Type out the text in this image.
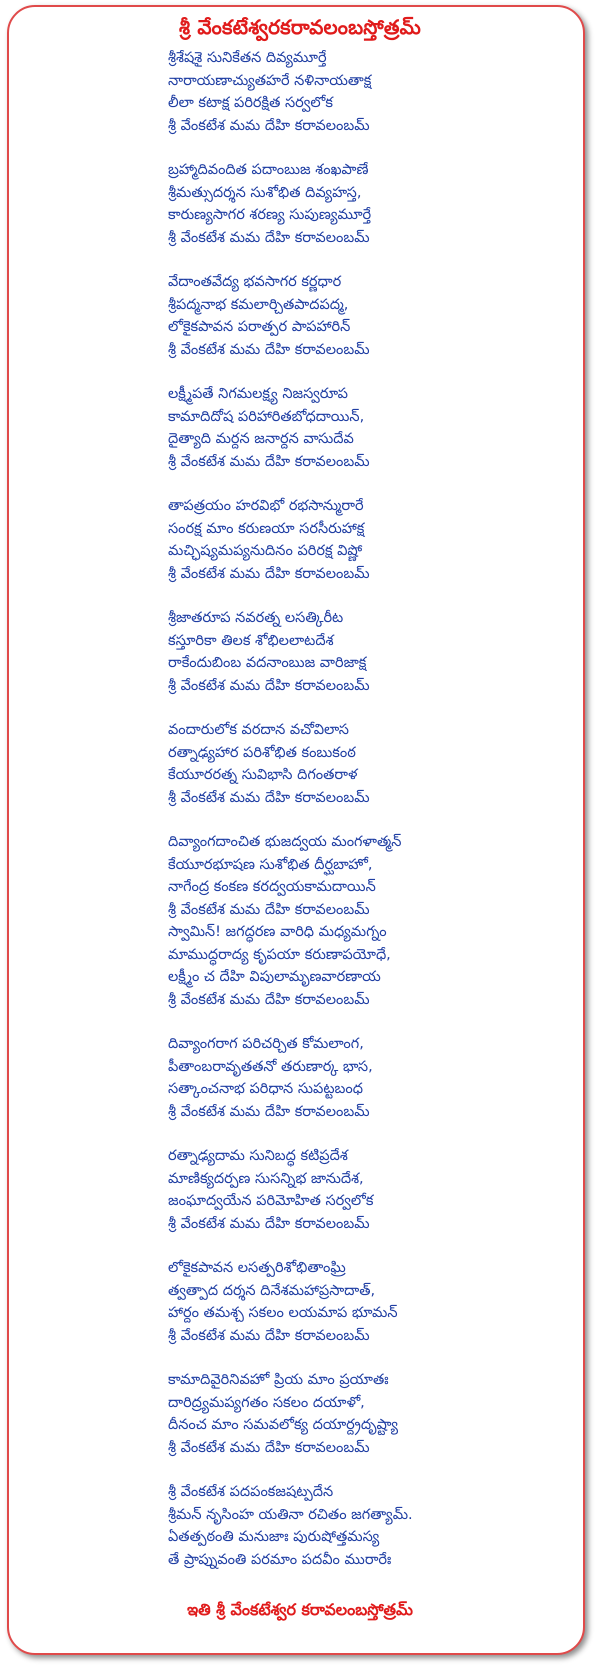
శ్రీ వేంకటేశ్వరకరావలంబస్తోత్రమ్
శ్రీశేషశై సునికేతన దివ్యమూర్తే
నారాయణాచ్యుతహరే నళినాయతాక్ష
లీలా కటాక్ష పరిరక్షిత సర్వలోక
శ్రీ వేంకటేశ మమ దేహి కరావలంబమ్
బ్రహ్మాదివందిత పదాంబుజ శంఖపాణే
శ్రీమత్సుదర్శన సుశోభిత దివ్యహస్త,
కారుణ్యసాగర శరణ్య సుపుణ్యమూర్తే
శ్రీ వేంకటేశ మమ దేహి కరావలంబమ్
వేదాంతవేద్య భవసాగర కర్ణధార
శ్రీపద్మనాభ కమలార్చితపాదపద్మ,
లోకైకపావన పరాత్పర పాపహారిన్
శ్రీ వేంకటేశ మమ దేహి కరావలంబమ్
లక్ష్మీపతే నిగమలక్ష్య నిజస్వరూప
కామాదిదోష పరిహారితబోధదాయిన్,
దైత్యాది మర్దన జనార్దన వాసుదేవ
శ్రీ వేంకటేశ మమ దేహి కరావలంబమ్
తాపత్రయం హరవిభో రభసాన్మురారే
సంరక్ష మాం కరుణయా సరసీరుహాక్ష
మచ్ఛిష్యమప్యనుదినం పరిరక్ష విష్ణో
శ్రీ వేంకటేశ మమ దేహి కరావలంబమ్
శ్రీజాతరూప నవరత్న లసత్కిరీట
కస్తూరికా తిలక శోభిలలాటదేశ
రాకేందుబింబ వదనాంబుజ వారిజాక్ష
శ్రీ వేంకటేశ మమ దేహి కరావలంబమ్
వందారులోక వరదాన వచోవిలాస
రత్నాఢ్యహార పరిశోభిత కంబుకంఠ
కేయూరరత్న సువిభాసి దిగంతరాళ
శ్రీ వేంకటేశ మమ దేహి కరావలంబమ్
దివ్యాంగదాంచిత భుజద్వయ మంగళాత్మన్
కేయూరభూషణ సుశోభిత దీర్ఘబాహో,
నాగేంద్ర కంకణ కరద్వయకామదాయిన్
శ్రీ వేంకటేశ మమ దేహి కరావలంబమ్
స్వామిన్! జగద్ధరణ వారిధి మధ్యమగ్నం
మాముద్ధరాద్య కృపయా కరుణాపయోధే,
లక్ష్మీం చ దేహి విపులామృణవారణాయ
శ్రీ వేంకటేశ మమ దేహి కరావలంబమ్
దివ్యాంగరాగ పరిచర్చిత కోమలాంగ,
పీతాంబరావృతతనో తరుణార్క భాస,
సత్కాంచనాభ పరిధాన సుపట్టబంధ
శ్రీ వేంకటేశ మమ దేహి కరావలంబమ్
రత్నాఢ్యదామ సునిబద్ధ కటిప్రదేశ
మాణిక్యదర్పణ సుసన్నిభ జానుదేశ,
జంఘాద్వయేన పరిమోహిత సర్వలోక
శ్రీ వేంకటేశ మమ దేహి కరావలంబమ్
లోకైకపావన లసత్పరిశోభితాంఘ్రి
త్వత్పాద దర్శన దినేశమహాప్రసాదాత్,
హార్దం తమశ్చ సకలం లయమాప భూమన్
శ్రీ వేంకటేశ మమ దేహి కరావలంబమ్
కామాదివైరినివహో ప్రియ మాం ప్రయాతః
దారిద్ర్యమప్యగతం సకలం దయాళో,
దీనంచ మాం సమవలోక్య దయార్ద్రదృష్ట్యా
శ్రీ వేంకటేశ మమ దేహి కరావలంబమ్
శ్రీ వేంకటేశ పదపంకజషట్పదేన
శ్రీమన్ నృసింహ యతినా రచితం జగత్యామ్.
ఏతత్పఠంతి మనుజాః పురుషోత్తమస్య
తే ప్రాప్నువంతి పరమాం పదవీం మురారేః
ఇతి శ్రీ వేంకటేశ్వర కరావలంబస్తోత్రమ్
